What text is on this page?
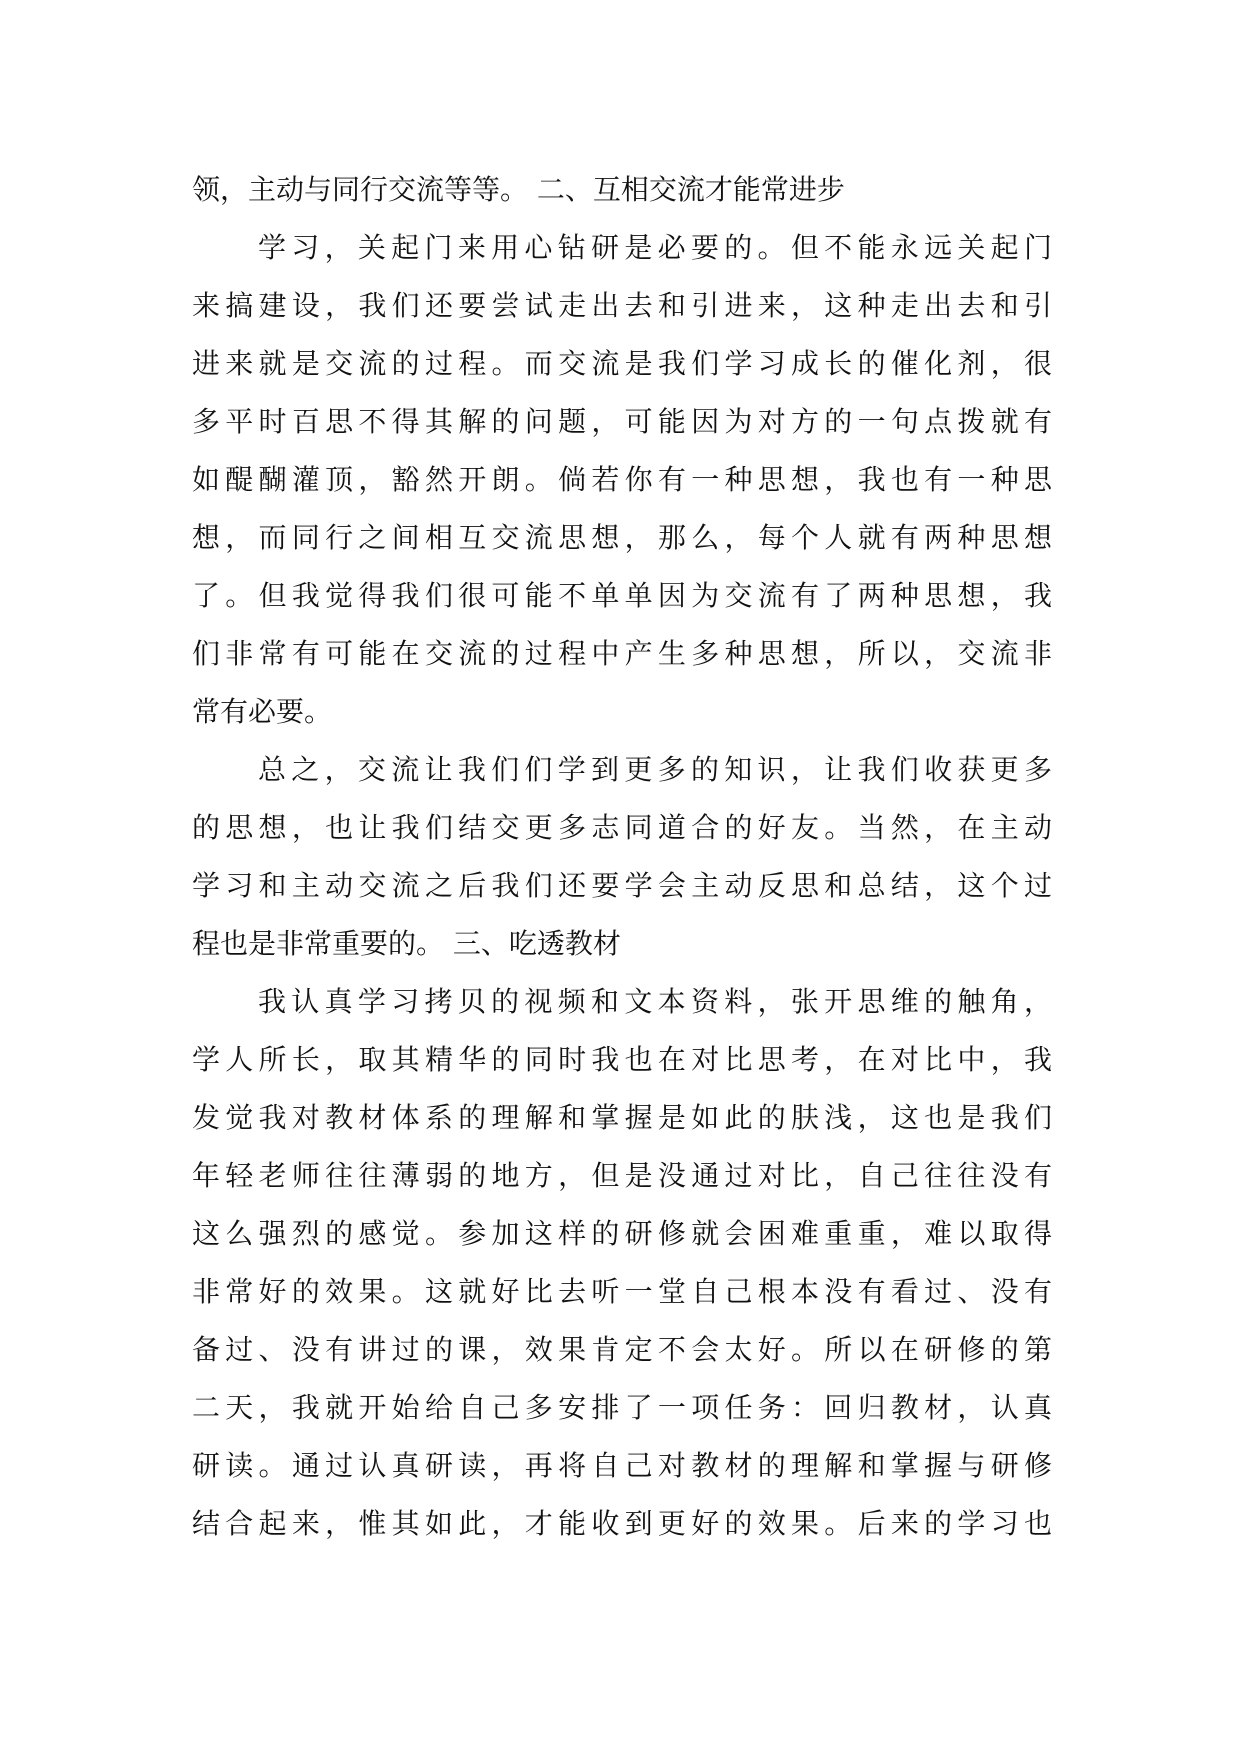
领，主动与同行交流等等。 二、互相交流才能常进步
学习，关起门来用心钻研是必要的。但不能永远关起门
来搞建设，我们还要尝试走出去和引进来，这种走出去和引
进来就是交流的过程。而交流是我们学习成长的催化剂，很
多平时百思不得其解的问题，可能因为对方的一句点拨就有
如醍醐灌顶，豁然开朗。倘若你有一种思想，我也有一种思
想，而同行之间相互交流思想，那么，每个人就有两种思想
了。但我觉得我们很可能不单单因为交流有了两种思想，我
们非常有可能在交流的过程中产生多种思想，所以，交流非
常有必要。
总之，交流让我们们学到更多的知识，让我们收获更多
的思想，也让我们结交更多志同道合的好友。当然，在主动
学习和主动交流之后我们还要学会主动反思和总结，这个过
程也是非常重要的。 三、吃透教材
我认真学习拷贝的视频和文本资料，张开思维的触角，
学人所长，取其精华的同时我也在对比思考，在对比中，我
发觉我对教材体系的理解和掌握是如此的肤浅，这也是我们
年轻老师往往薄弱的地方，但是没通过对比，自己往往没有
这么强烈的感觉。参加这样的研修就会困难重重，难以取得
非常好的效果。这就好比去听一堂自己根本没有看过、没有
备过、没有讲过的课，效果肯定不会太好。所以在研修的第
二天，我就开始给自己多安排了一项任务：回归教材，认真
研读。通过认真研读，再将自己对教材的理解和掌握与研修
结合起来，惟其如此，才能收到更好的效果。后来的学习也
